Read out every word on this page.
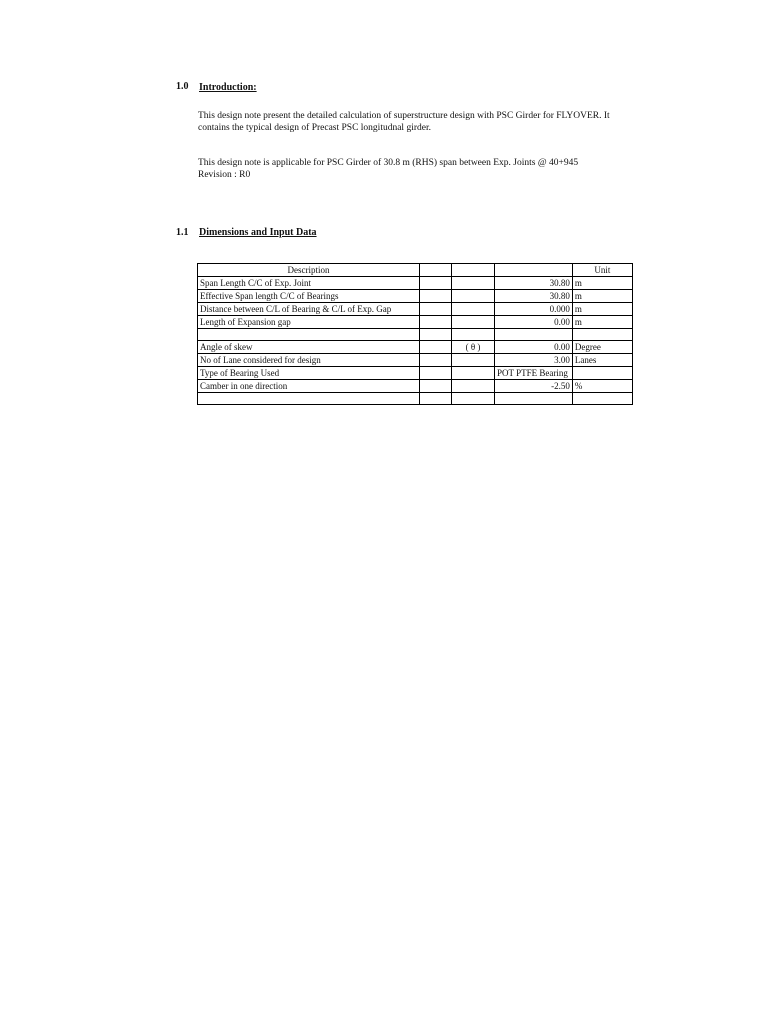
1.0 Introduction:
This design note present the detailed calculation of superstructure design with PSC Girder for FLYOVER. It
contains the typical design of Precast PSC longitudnal girder.
This design note is applicable for PSC Girder of 30.8 m (RHS) span between Exp. Joints @ 40+945
Revision : R0
1.1 Dimensions and Input Data
Description				Unit
Span Length C/C of Exp. Joint			30.80	m
Effective Span length C/C of Bearings			30.80	m
Distance between C/L of Bearing & C/L of Exp. Gap			0.000	m
Length of Expansion gap			0.00	m

Angle of skew		( θ )	0.00	Degree
No of Lane considered for design			3.00	Lanes
Type of Bearing Used			POT PTFE Bearing	
Camber in one direction			-2.50	%
